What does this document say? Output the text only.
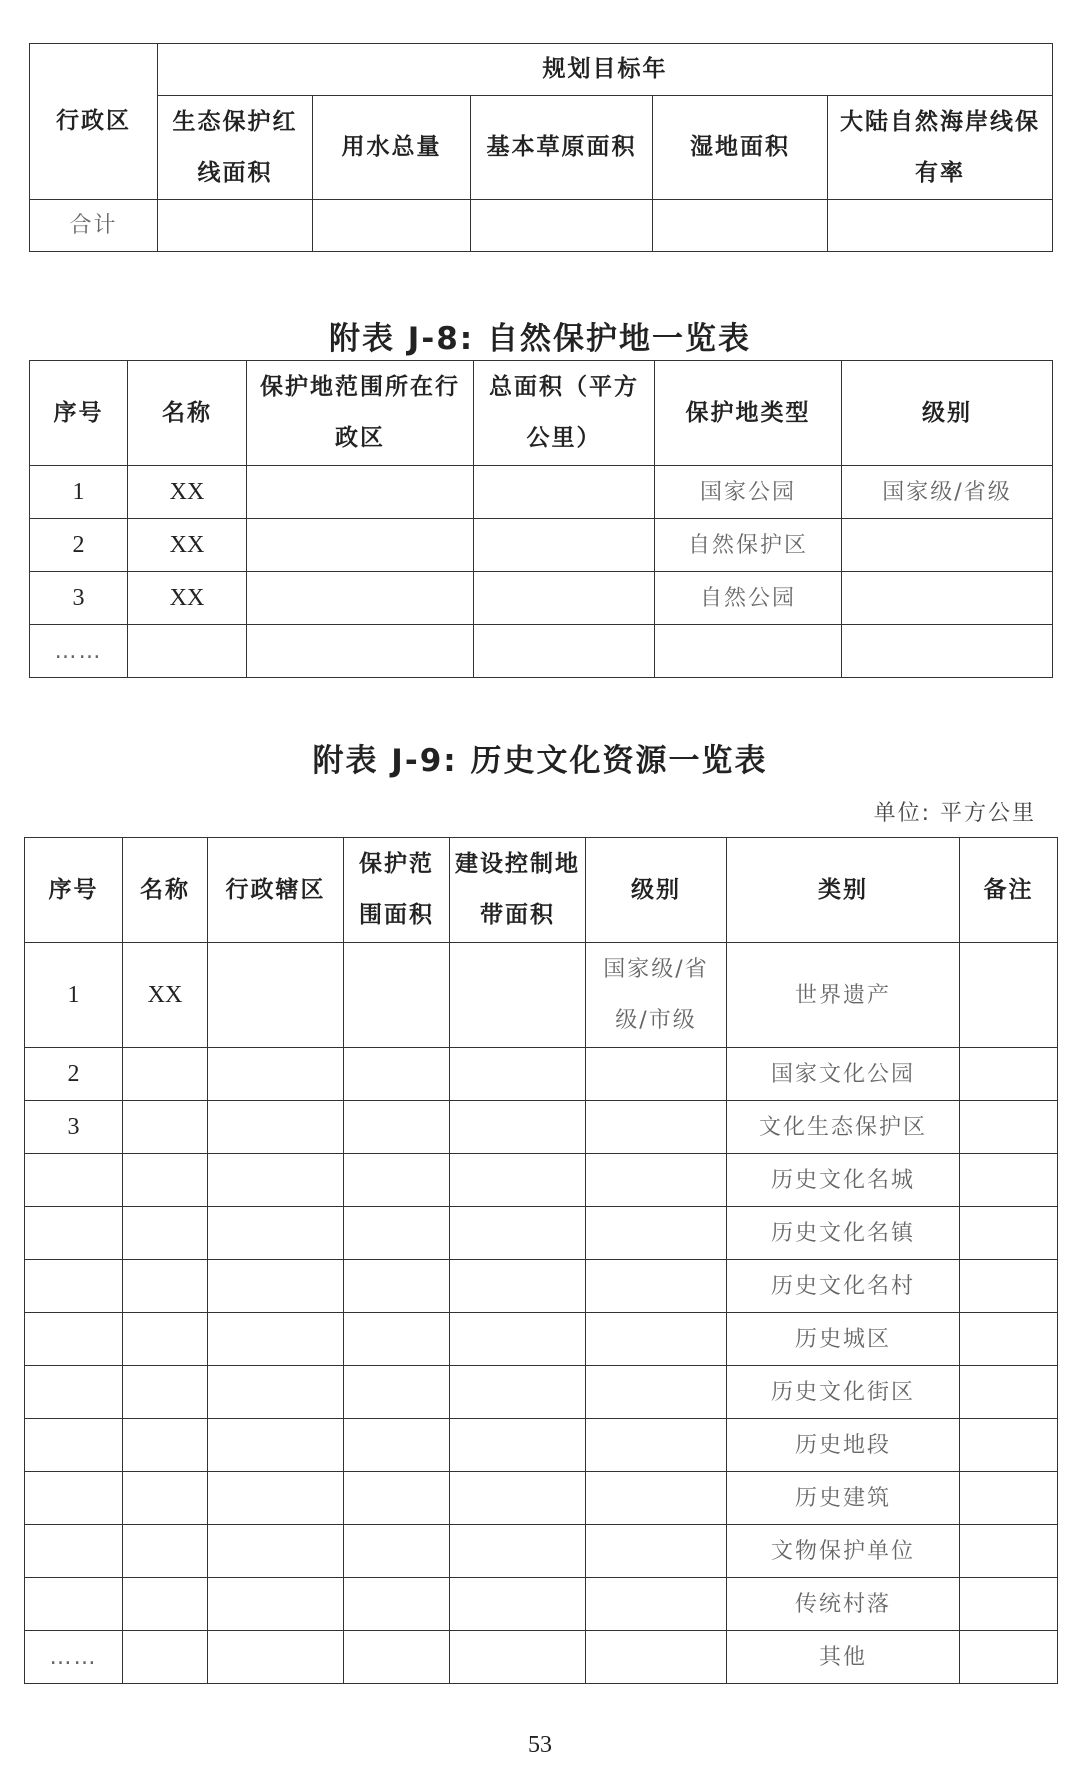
行政区	规划目标年				
	生态保护红线面积	用水总量	基本草原面积	湿地面积	大陆自然海岸线保有率
合计					
附表 J-8: 自然保护地一览表
序号	名称	保护地范围所在行政区	总面积（平方公里）	保护地类型	级别
1	XX			国家公园	国家级/省级
2	XX			自然保护区	
3	XX			自然公园	
……					
附表 J-9: 历史文化资源一览表
单位: 平方公里
序号	名称	行政辖区	保护范围面积	建设控制地带面积	级别	类别	备注
1	XX				国家级/省级/市级	世界遗产	
2						国家文化公园	
3						文化生态保护区	
						历史文化名城	
						历史文化名镇	
						历史文化名村	
						历史城区	
						历史文化街区	
						历史地段	
						历史建筑	
						文物保护单位	
						传统村落	
……						其他	
53
